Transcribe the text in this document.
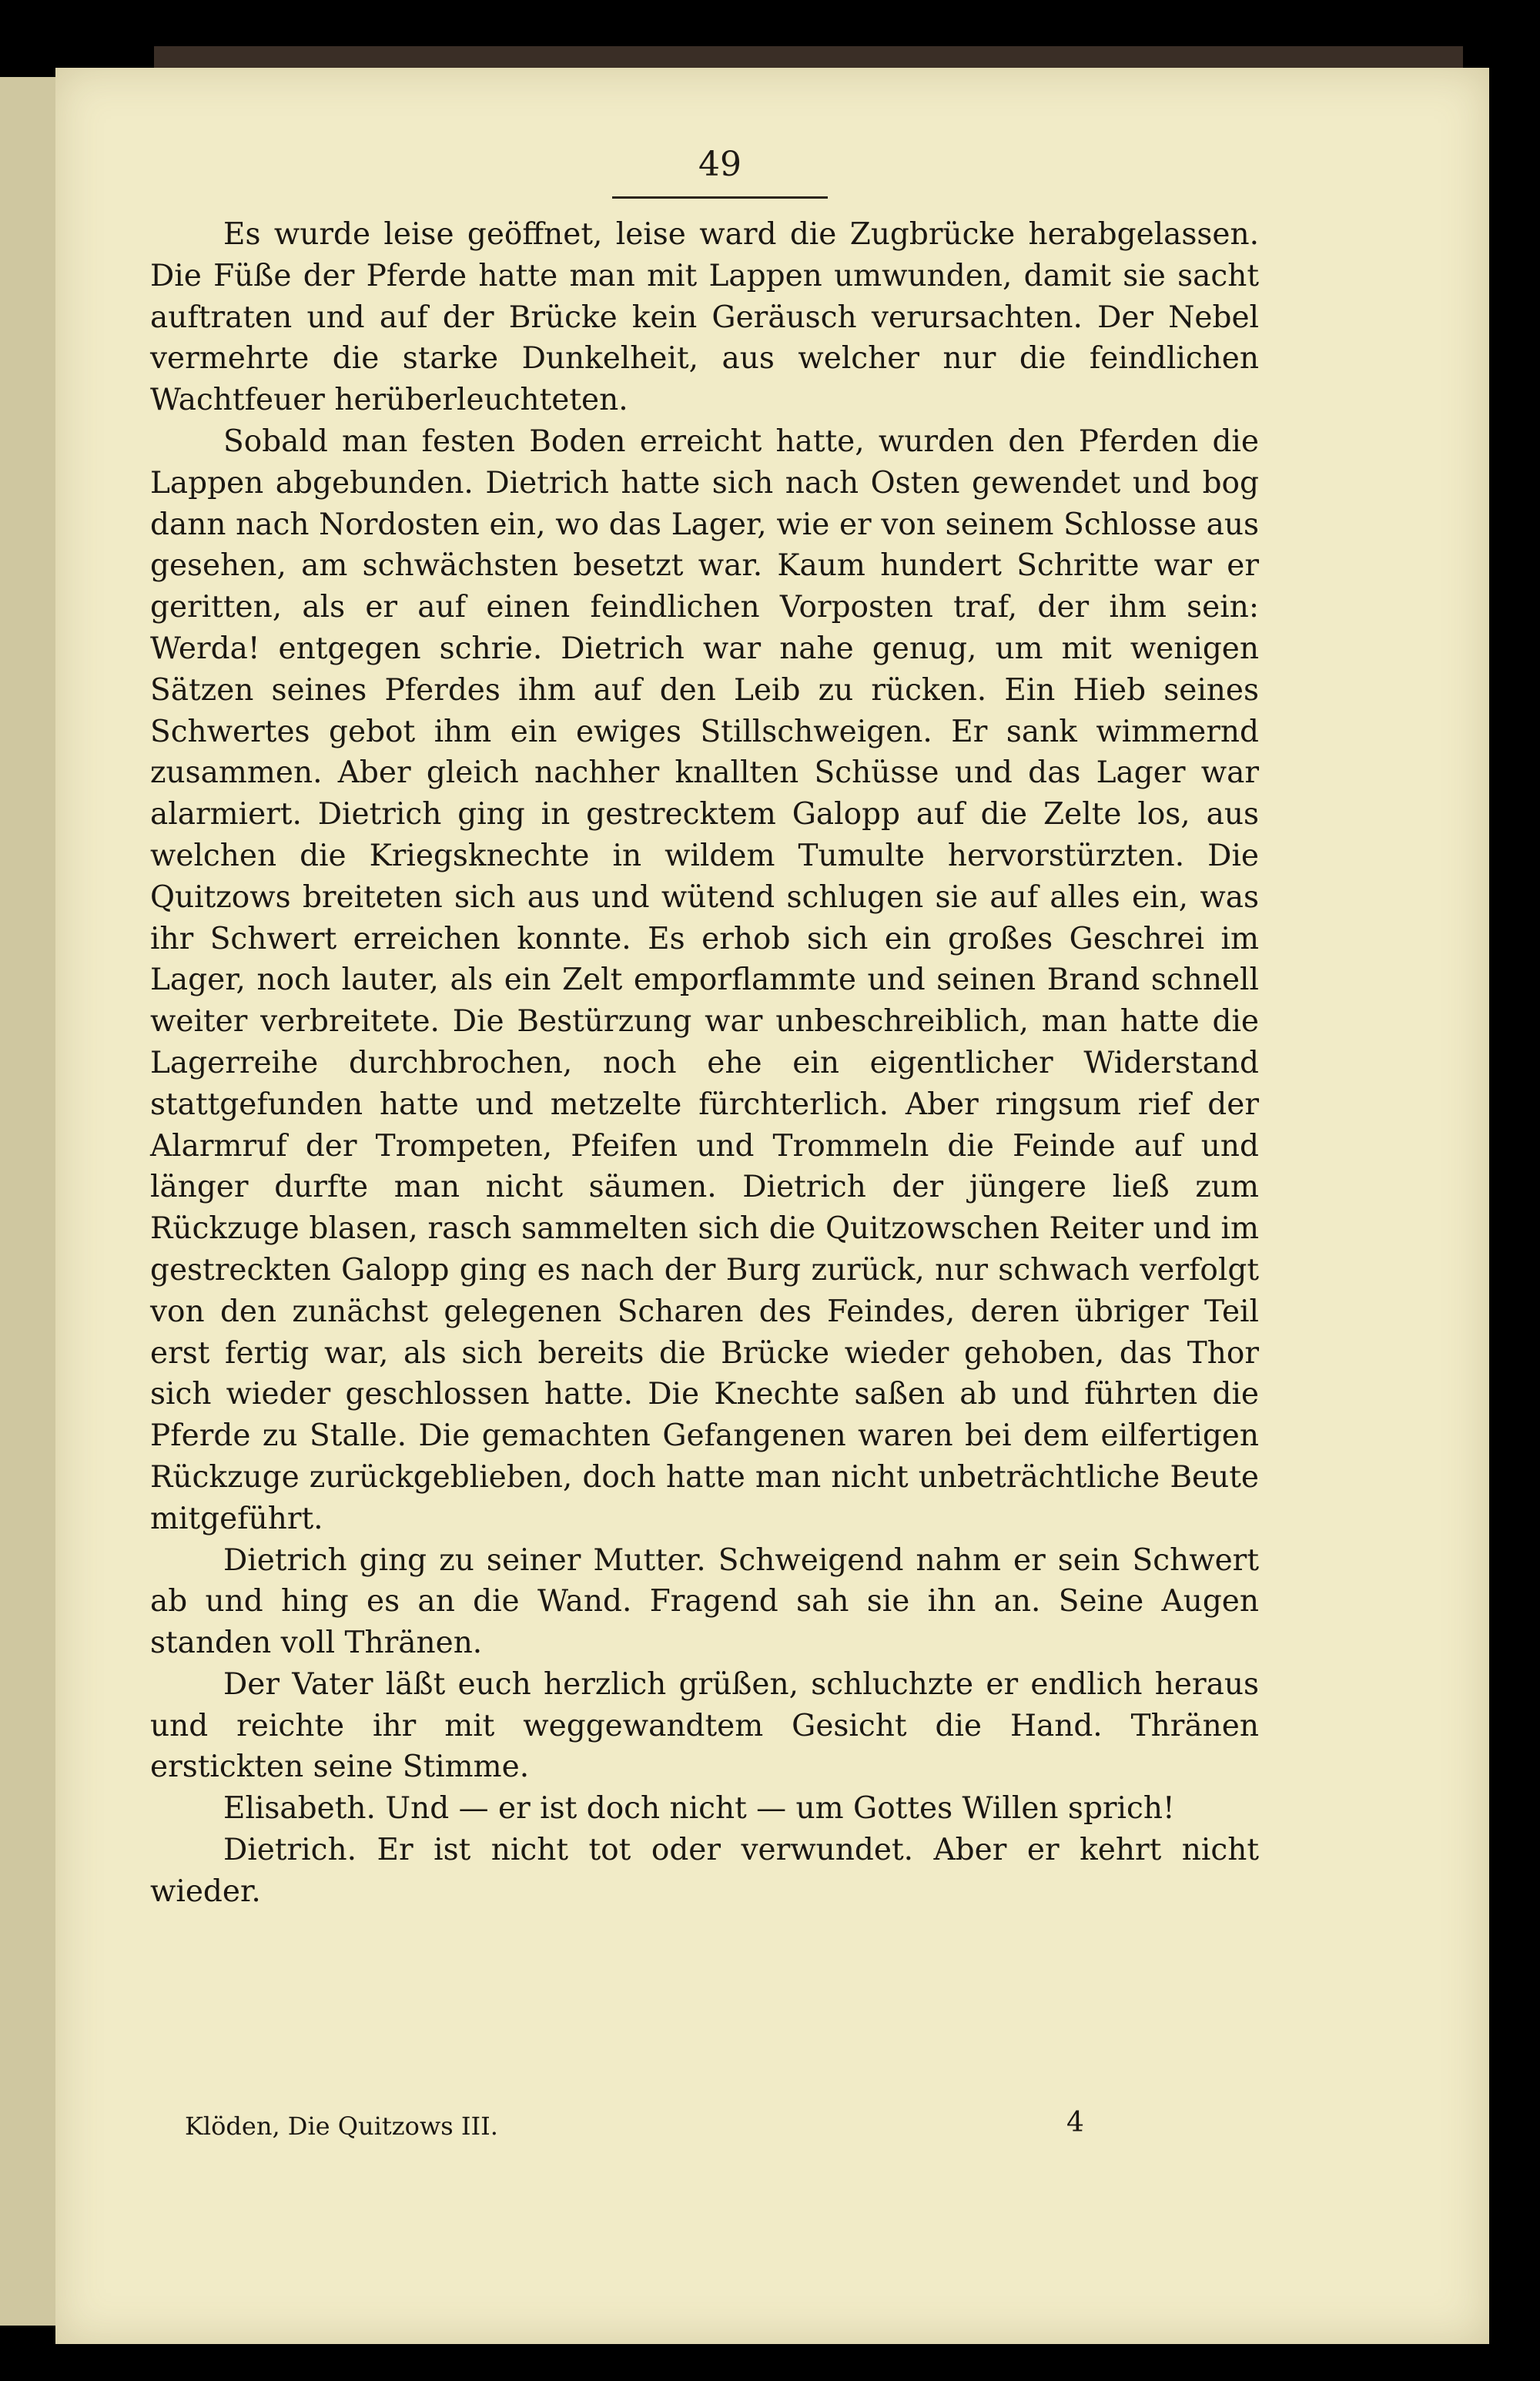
49

Es wurde leise geöffnet, leise ward die Zugbrücke herabgelassen. Die Füße der Pferde hatte man mit Lappen umwunden, damit sie sacht auftraten und auf der Brücke kein Geräusch verursachten. Der Nebel vermehrte die starke Dunkelheit, aus welcher nur die feindlichen Wachtfeuer herüberleuchteten.

Sobald man festen Boden erreicht hatte, wurden den Pferden die Lappen abgebunden. Dietrich hatte sich nach Osten gewendet und bog dann nach Nordosten ein, wo das Lager, wie er von seinem Schlosse aus gesehen, am schwächsten besetzt war. Kaum hundert Schritte war er geritten, als er auf einen feindlichen Vorposten traf, der ihm sein: Werda! entgegen schrie. Dietrich war nahe genug, um mit wenigen Sätzen seines Pferdes ihm auf den Leib zu rücken. Ein Hieb seines Schwertes gebot ihm ein ewiges Stillschweigen. Er sank wimmernd zusammen. Aber gleich nachher knallten Schüsse und das Lager war alarmiert. Dietrich ging in gestrecktem Galopp auf die Zelte los, aus welchen die Kriegsknechte in wildem Tumulte hervorstürzten. Die Quitzows breiteten sich aus und wütend schlugen sie auf alles ein, was ihr Schwert erreichen konnte. Es erhob sich ein großes Geschrei im Lager, noch lauter, als ein Zelt emporflammte und seinen Brand schnell weiter verbreitete. Die Bestürzung war unbeschreiblich, man hatte die Lagerreihe durchbrochen, noch ehe ein eigentlicher Widerstand stattgefunden hatte und metzelte fürchterlich. Aber ringsum rief der Alarmruf der Trompeten, Pfeifen und Trommeln die Feinde auf und länger durfte man nicht säumen. Dietrich der jüngere ließ zum Rückzuge blasen, rasch sammelten sich die Quitzowschen Reiter und im gestreckten Galopp ging es nach der Burg zurück, nur schwach verfolgt von den zunächst gelegenen Scharen des Feindes, deren übriger Teil erst fertig war, als sich bereits die Brücke wieder gehoben, das Thor sich wieder geschlossen hatte. Die Knechte saßen ab und führten die Pferde zu Stalle. Die gemachten Gefangenen waren bei dem eilfertigen Rückzuge zurückgeblieben, doch hatte man nicht unbeträchtliche Beute mitgeführt.

Dietrich ging zu seiner Mutter. Schweigend nahm er sein Schwert ab und hing es an die Wand. Fragend sah sie ihn an. Seine Augen standen voll Thränen.

Der Vater läßt euch herzlich grüßen, schluchzte er endlich heraus und reichte ihr mit weggewandtem Gesicht die Hand. Thränen erstickten seine Stimme.

Elisabeth. Und — er ist doch nicht — um Gottes Willen sprich!

Dietrich. Er ist nicht tot oder verwundet. Aber er kehrt nicht wieder.

Klöden, Die Quitzows III.	4
